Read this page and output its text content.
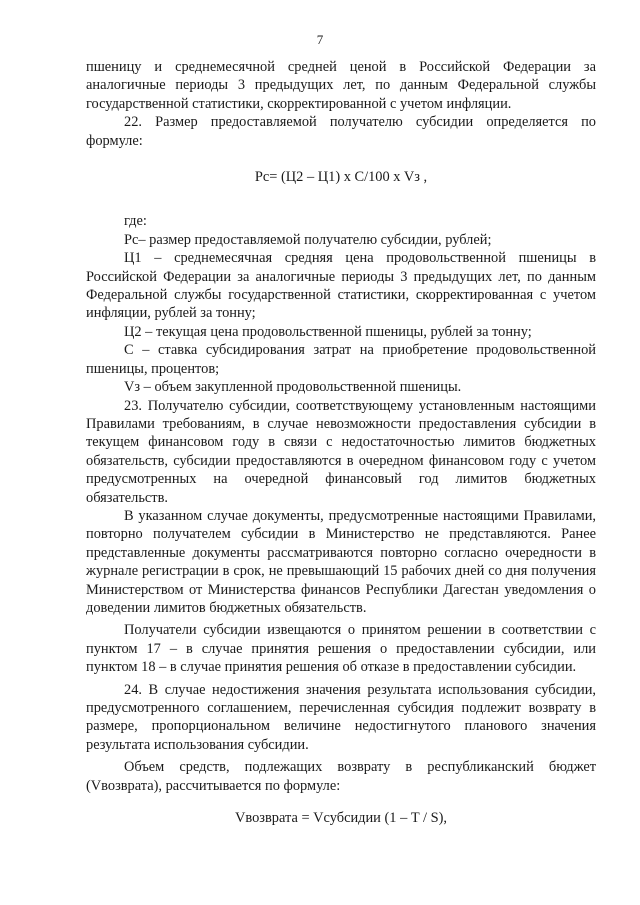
7

пшеницу и среднемесячной средней ценой в Российской Федерации за аналогичные периоды 3 предыдущих лет, по данным Федеральной службы государственной статистики, скорректированной с учетом инфляции.

22. Размер предоставляемой получателю субсидии определяется по формуле:

Pс= (Ц2 – Ц1) x C/100 x Vз ,

где:

Pс– размер предоставляемой получателю субсидии, рублей;

Ц1 – среднемесячная средняя цена продовольственной пшеницы в Российской Федерации за аналогичные периоды 3 предыдущих лет, по данным Федеральной службы государственной статистики, скорректированная с учетом инфляции, рублей за тонну;

Ц2 – текущая цена продовольственной пшеницы, рублей за тонну;

C – ставка субсидирования затрат на приобретение продовольственной пшеницы, процентов;

Vз – объем закупленной продовольственной пшеницы.

23. Получателю субсидии, соответствующему установленным настоящими Правилами требованиям, в случае невозможности предоставления субсидии в текущем финансовом году в связи с недостаточностью лимитов бюджетных обязательств, субсидии предоставляются в очередном финансовом году с учетом предусмотренных на очередной финансовый год лимитов бюджетных обязательств.

В указанном случае документы, предусмотренные настоящими Правилами, повторно получателем субсидии в Министерство не представляются. Ранее представленные документы рассматриваются повторно согласно очередности в журнале регистрации в срок, не превышающий 15 рабочих дней со дня получения Министерством от Министерства финансов Республики Дагестан уведомления о доведении лимитов бюджетных обязательств.

Получатели субсидии извещаются о принятом решении в соответствии с пунктом 17 – в случае принятия решения о предоставлении субсидии, или пунктом 18 – в случае принятия решения об отказе в предоставлении субсидии.

24. В случае недостижения значения результата использования субсидии, предусмотренного соглашением, перечисленная субсидия подлежит возврату в размере, пропорциональном величине недостигнутого планового значения результата использования субсидии.

Объем средств, подлежащих возврату в республиканский бюджет (Vвозврата), рассчитывается по формуле:

Vвозврата = Vсубсидии (1 – T / S),
